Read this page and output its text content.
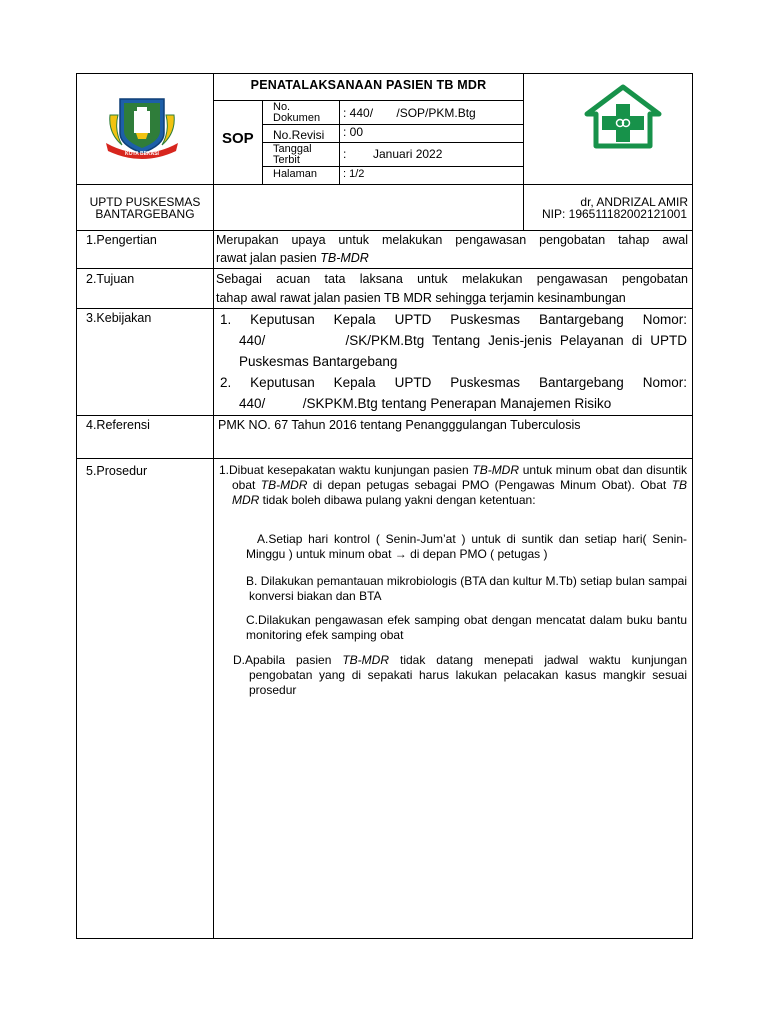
KOTA BEKASI
PENATALAKSANAAN PASIEN TB MDR
SOP
No.
Dokumen : 440/       /SOP/PKM.Btg
No.Revisi : 00
Tanggal
Terbit	:        Januari 2022
Halaman : 1/2
UPTD PUSKESMAS
BANTARGEBANG
dr, ANDRIZAL AMIR
NIP: 196511182002121001
1.Pengertian	Merupakan upaya untuk melakukan pengawasan pengobatan tahap awal
rawat jalan pasien TB-MDR
2.Tujuan	Sebagai acuan tata laksana untuk melakukan pengawasan pengobatan
tahap awal rawat jalan pasien TB MDR sehingga terjamin kesinambungan
3.Kebijakan	1. Keputusan Kepala UPTD Puskesmas Bantargebang Nomor:
440/          /SK/PKM.Btg Tentang Jenis-jenis Pelayanan di UPTD
Puskesmas Bantargebang
2. Keputusan Kepala UPTD Puskesmas Bantargebang Nomor:
440/          /SKPKM.Btg tentang Penerapan Manajemen Risiko
4.Referensi	PMK NO. 67 Tahun 2016 tentang Penangggulangan Tuberculosis
5.Prosedur	1.Dibuat kesepakatan waktu kunjungan pasien TB-MDR untuk minum obat dan disuntik obat TB-MDR di depan petugas sebagai PMO (Pengawas Minum Obat). Obat TB MDR tidak boleh dibawa pulang yakni dengan ketentuan:
A.Setiap hari kontrol ( Senin-Jum’at ) untuk di suntik dan setiap hari( Senin- Minggu ) untuk minum obat → di depan PMO ( petugas )
B. Dilakukan pemantauan mikrobiologis (BTA dan kultur M.Tb) setiap bulan sampai konversi biakan dan BTA
C.Dilakukan pengawasan efek samping obat dengan mencatat dalam buku bantu monitoring efek samping obat
D.Apabila pasien TB-MDR tidak datang menepati jadwal waktu kunjungan pengobatan yang di sepakati harus lakukan pelacakan kasus mangkir sesuai prosedur
